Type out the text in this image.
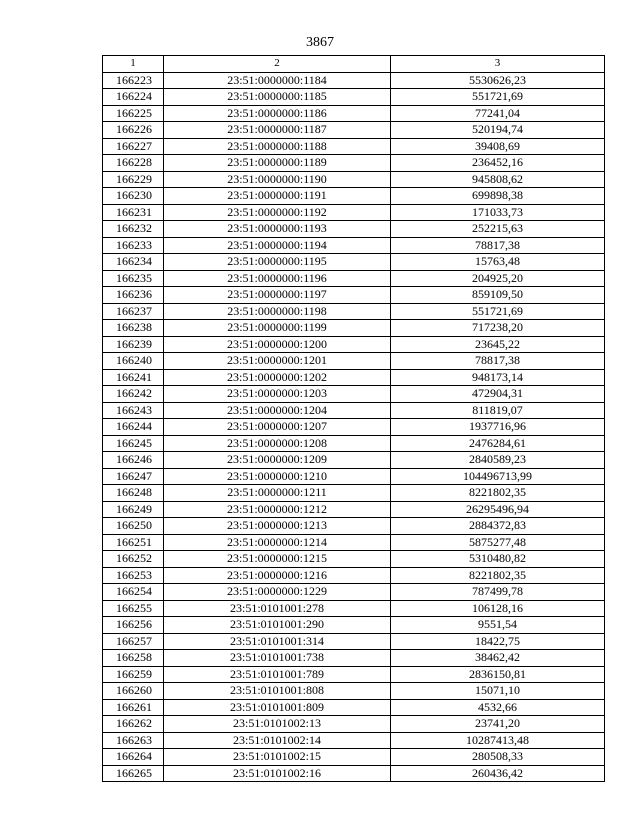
3867
1	2	3
166223	23:51:0000000:1184	5530626,23
166224	23:51:0000000:1185	551721,69
166225	23:51:0000000:1186	77241,04
166226	23:51:0000000:1187	520194,74
166227	23:51:0000000:1188	39408,69
166228	23:51:0000000:1189	236452,16
166229	23:51:0000000:1190	945808,62
166230	23:51:0000000:1191	699898,38
166231	23:51:0000000:1192	171033,73
166232	23:51:0000000:1193	252215,63
166233	23:51:0000000:1194	78817,38
166234	23:51:0000000:1195	15763,48
166235	23:51:0000000:1196	204925,20
166236	23:51:0000000:1197	859109,50
166237	23:51:0000000:1198	551721,69
166238	23:51:0000000:1199	717238,20
166239	23:51:0000000:1200	23645,22
166240	23:51:0000000:1201	78817,38
166241	23:51:0000000:1202	948173,14
166242	23:51:0000000:1203	472904,31
166243	23:51:0000000:1204	811819,07
166244	23:51:0000000:1207	1937716,96
166245	23:51:0000000:1208	2476284,61
166246	23:51:0000000:1209	2840589,23
166247	23:51:0000000:1210	104496713,99
166248	23:51:0000000:1211	8221802,35
166249	23:51:0000000:1212	26295496,94
166250	23:51:0000000:1213	2884372,83
166251	23:51:0000000:1214	5875277,48
166252	23:51:0000000:1215	5310480,82
166253	23:51:0000000:1216	8221802,35
166254	23:51:0000000:1229	787499,78
166255	23:51:0101001:278	106128,16
166256	23:51:0101001:290	9551,54
166257	23:51:0101001:314	18422,75
166258	23:51:0101001:738	38462,42
166259	23:51:0101001:789	2836150,81
166260	23:51:0101001:808	15071,10
166261	23:51:0101001:809	4532,66
166262	23:51:0101002:13	23741,20
166263	23:51:0101002:14	10287413,48
166264	23:51:0101002:15	280508,33
166265	23:51:0101002:16	260436,42
